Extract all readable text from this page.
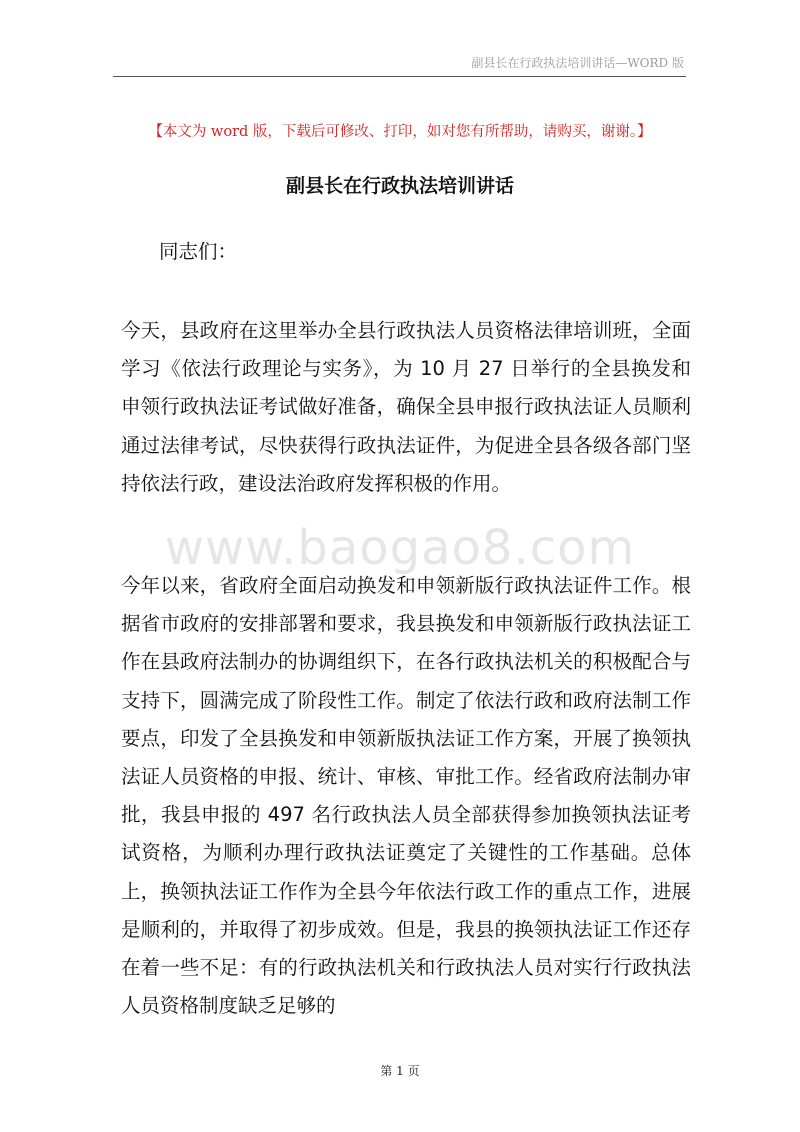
副县长在行政执法培训讲话—WORD 版
【本文为 word 版，下载后可修改、打印，如对您有所帮助，请购买，谢谢。】
副县长在行政执法培训讲话
同志们：

今天，县政府在这里举办全县行政执法人员资格法律培训班，全面学习《依法行政理论与实务》，为 10 月 27 日举行的全县换发和申领行政执法证考试做好准备，确保全县申报行政执法证人员顺利通过法律考试，尽快获得行政执法证件，为促进全县各级各部门坚持依法行政，建设法治政府发挥积极的作用。

www.baogao8.com

今年以来，省政府全面启动换发和申领新版行政执法证件工作。根据省市政府的安排部署和要求，我县换发和申领新版行政执法证工作在县政府法制办的协调组织下，在各行政执法机关的积极配合与支持下，圆满完成了阶段性工作。制定了依法行政和政府法制工作要点，印发了全县换发和申领新版执法证工作方案，开展了换领执法证人员资格的申报、统计、审核、审批工作。经省政府法制办审批，我县申报的 497 名行政执法人员全部获得参加换领执法证考试资格，为顺利办理行政执法证奠定了关键性的工作基础。总体上，换领执法证工作作为全县今年依法行政工作的重点工作，进展是顺利的，并取得了初步成效。但是，我县的换领执法证工作还存在着一些不足：有的行政执法机关和行政执法人员对实行行政执法人员资格制度缺乏足够的

第 1 页
